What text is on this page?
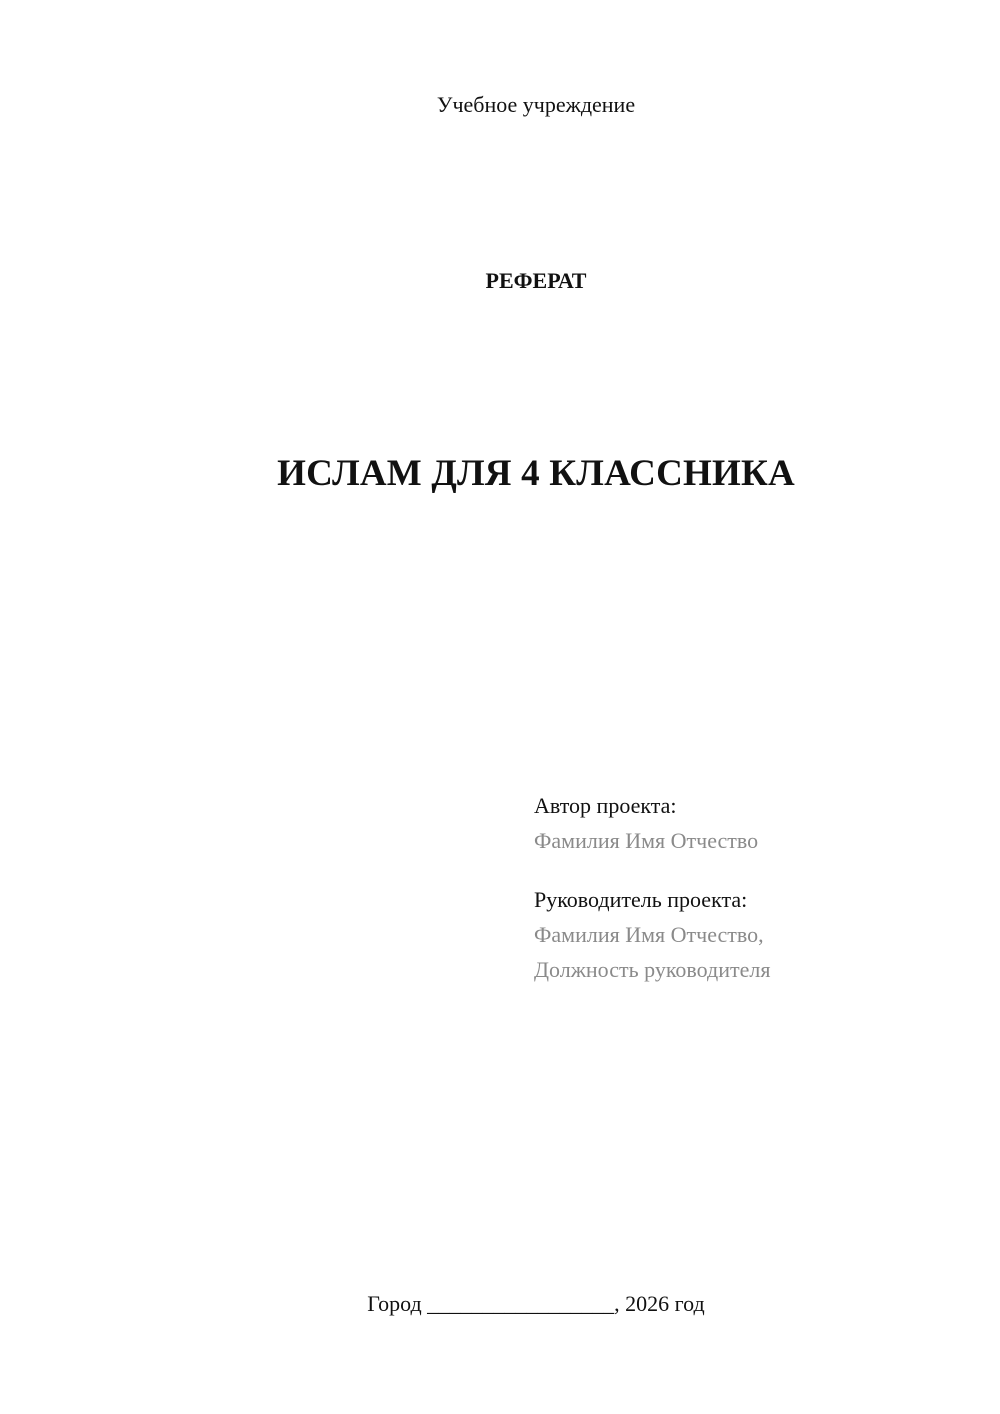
Учебное учреждение
РЕФЕРАТ
ИСЛАМ ДЛЯ 4 КЛАССНИКА
Автор проекта:
Фамилия Имя Отчество
Руководитель проекта:
Фамилия Имя Отчество,
Должность руководителя
Город _________________, 2026 год
